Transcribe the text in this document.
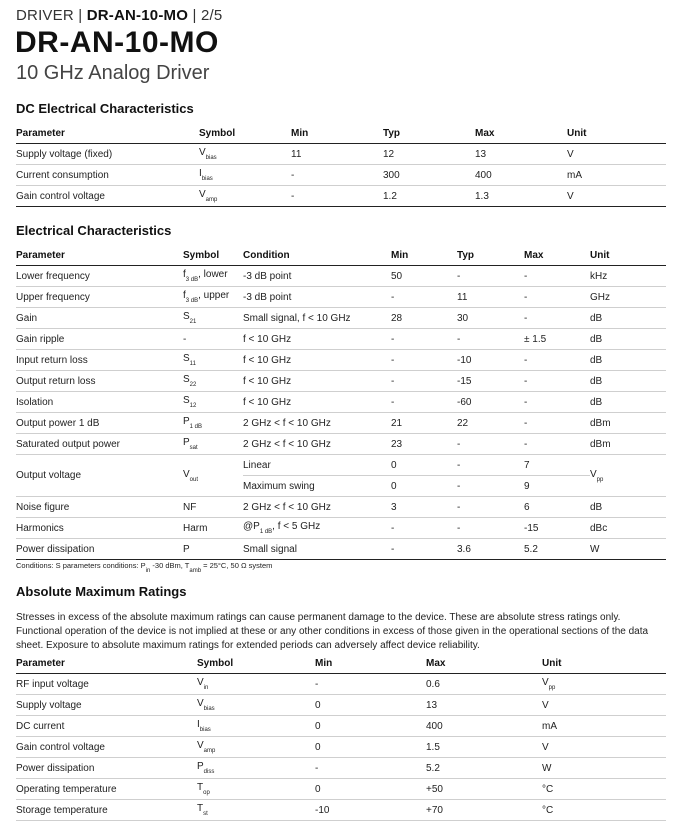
DRIVER | DR-AN-10-MO | 2/5
DR-AN-10-MO
10 GHz Analog Driver
DC Electrical Characteristics
Parameter	Symbol	Min	Typ	Max	Unit
Supply voltage (fixed)	$V_{bias}$	11	12	13	V
Current consumption	$I_{bias}$	-	300	400	mA
Gain control voltage	$V_{amp}$	-	1.2	1.3	V
Electrical Characteristics
Parameter	Symbol	Condition	Min	Typ	Max	Unit
Lower frequency	$f_{3 dB}$, lower	-3 dB point	50	-	-	kHz
Upper frequency	$f_{3 dB}$, upper	-3 dB point	-	11	-	GHz
Gain	$S_{21}$	Small signal, f < 10 GHz	28	30	-	dB
Gain ripple	-	f < 10 GHz	-	-	± 1.5	dB
Input return loss	$S_{11}$	f < 10 GHz	-	-10	-	dB
Output return loss	$S_{22}$	f < 10 GHz	-	-15	-	dB
Isolation	$S_{12}$	f < 10 GHz	-	-60	-	dB
Output power 1 dB	$P_{1 dB}$	2 GHz < f < 10 GHz	21	22	-	dBm
Saturated output power	$P_{sat}$	2 GHz < f < 10 GHz	23	-	-	dBm
Output voltage	$V_{out}$	Linear	0	-	7	$V_{pp}$
		Maximum swing	0	-	9	
Noise figure	NF	2 GHz < f < 10 GHz	3	-	6	dB
Harmonics	Harm	$@P_{1 dB}$, f < 5 GHz	-	-	-15	dBc
Power dissipation	P	Small signal	-	3.6	5.2	W
Conditions: S parameters conditions: $P_{in}$ -30 dBm, $T_{amb} = 25^\circ C$, 50 Ω system
Absolute Maximum Ratings
Stresses in excess of the absolute maximum ratings can cause permanent damage to the device. These are absolute stress ratings only. Functional operation of the device is not implied at these or any other conditions in excess of those given in the operational sections of the data sheet. Exposure to absolute maximum ratings for extended periods can adversely affect device reliability.
Parameter	Symbol	Min	Max	Unit
RF input voltage	$V_{in}$	-	0.6	$V_{pp}$
Supply voltage	$V_{bias}$	0	13	V
DC current	$I_{bias}$	0	400	mA
Gain control voltage	$V_{amp}$	0	1.5	V
Power dissipation	$P_{diss}$	-	5.2	W
Operating temperature	$T_{op}$	0	+50	°C
Storage temperature	$T_{st}$	-10	+70	°C
